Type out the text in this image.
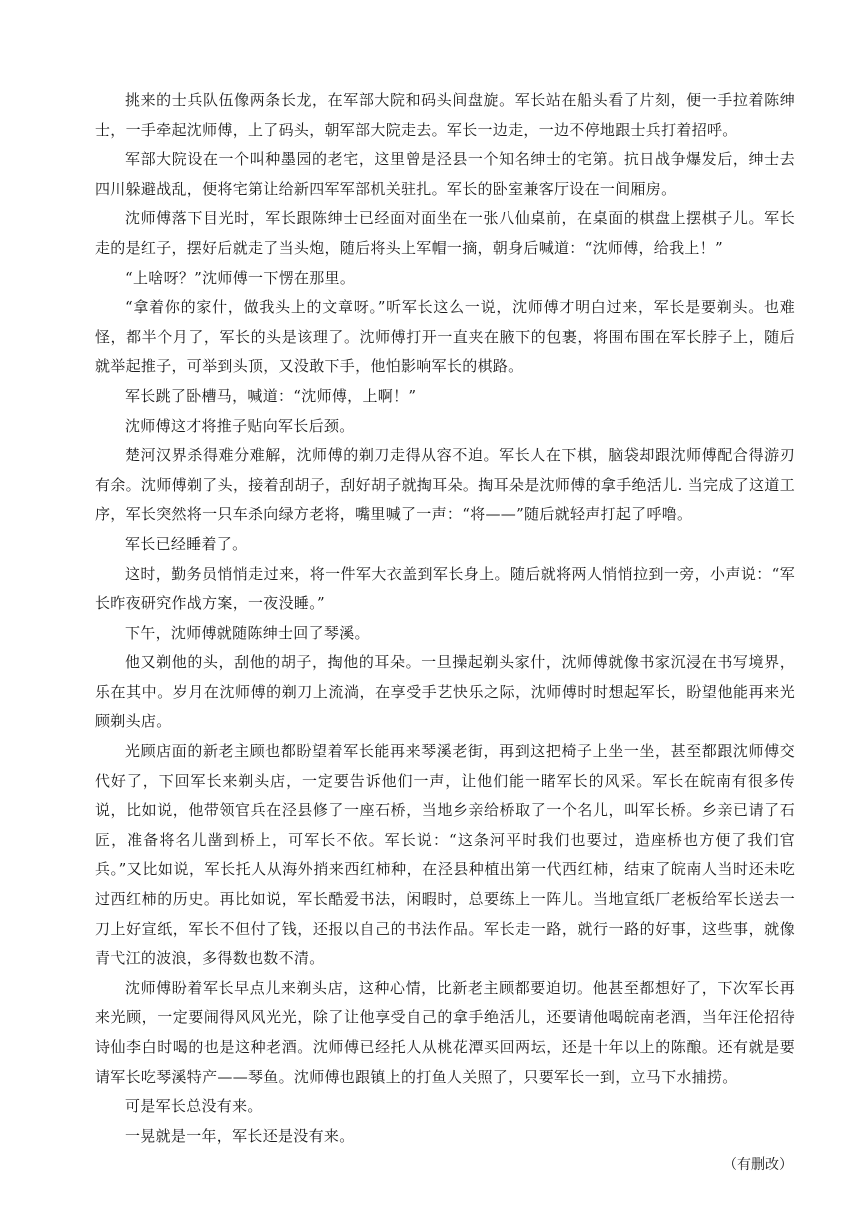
挑来的士兵队伍像两条长龙，在军部大院和码头间盘旋。军长站在船头看了片刻，便一手拉着陈绅士，一手牵起沈师傅，上了码头，朝军部大院走去。军长一边走，一边不停地跟士兵打着招呼。

军部大院设在一个叫种墨园的老宅，这里曾是泾县一个知名绅士的宅第。抗日战争爆发后，绅士去四川躲避战乱，便将宅第让给新四军军部机关驻扎。军长的卧室兼客厅设在一间厢房。

沈师傅落下目光时，军长跟陈绅士已经面对面坐在一张八仙桌前，在桌面的棋盘上摆棋子儿。军长走的是红子，摆好后就走了当头炮，随后将头上军帽一摘，朝身后喊道：“沈师傅，给我上！”

“上啥呀？”沈师傅一下愣在那里。

“拿着你的家什，做我头上的文章呀。”听军长这么一说，沈师傅才明白过来，军长是要剃头。也难怪，都半个月了，军长的头是该理了。沈师傅打开一直夹在腋下的包裹，将围布围在军长脖子上，随后就举起推子，可举到头顶，又没敢下手，他怕影响军长的棋路。

军长跳了卧槽马，喊道：“沈师傅，上啊！”

沈师傅这才将推子贴向军长后颈。

楚河汉界杀得难分难解，沈师傅的剃刀走得从容不迫。军长人在下棋，脑袋却跟沈师傅配合得游刃有余。沈师傅剃了头，接着刮胡子，刮好胡子就掏耳朵。掏耳朵是沈师傅的拿手绝活儿. 当完成了这道工序，军长突然将一只车杀向绿方老将，嘴里喊了一声：“将——”随后就轻声打起了呼噜。

军长已经睡着了。

这时，勤务员悄悄走过来，将一件军大衣盖到军长身上。随后就将两人悄悄拉到一旁，小声说：“军长昨夜研究作战方案，一夜没睡。”

下午，沈师傅就随陈绅士回了琴溪。

他又剃他的头，刮他的胡子，掏他的耳朵。一旦操起剃头家什，沈师傅就像书家沉浸在书写境界，乐在其中。岁月在沈师傅的剃刀上流淌，在享受手艺快乐之际，沈师傅时时想起军长，盼望他能再来光顾剃头店。

光顾店面的新老主顾也都盼望着军长能再来琴溪老街，再到这把椅子上坐一坐，甚至都跟沈师傅交代好了，下回军长来剃头店，一定要告诉他们一声，让他们能一睹军长的风采。军长在皖南有很多传说，比如说，他带领官兵在泾县修了一座石桥，当地乡亲给桥取了一个名儿，叫军长桥。乡亲已请了石匠，准备将名儿凿到桥上，可军长不依。军长说：“这条河平时我们也要过，造座桥也方便了我们官兵。”又比如说，军长托人从海外捎来西红柿种，在泾县种植出第一代西红柿，结束了皖南人当时还未吃过西红柿的历史。再比如说，军长酷爱书法，闲暇时，总要练上一阵儿。当地宣纸厂老板给军长送去一刀上好宣纸，军长不但付了钱，还报以自己的书法作品。军长走一路，就行一路的好事，这些事，就像青弋江的波浪，多得数也数不清。

沈师傅盼着军长早点儿来剃头店，这种心情，比新老主顾都要迫切。他甚至都想好了，下次军长再来光顾，一定要闹得风风光光，除了让他享受自己的拿手绝活儿，还要请他喝皖南老酒，当年汪伦招待诗仙李白时喝的也是这种老酒。沈师傅已经托人从桃花潭买回两坛，还是十年以上的陈酿。还有就是要请军长吃琴溪特产——琴鱼。沈师傅也跟镇上的打鱼人关照了，只要军长一到，立马下水捕捞。

可是军长总没有来。

一晃就是一年，军长还是没有来。

（有删改）
